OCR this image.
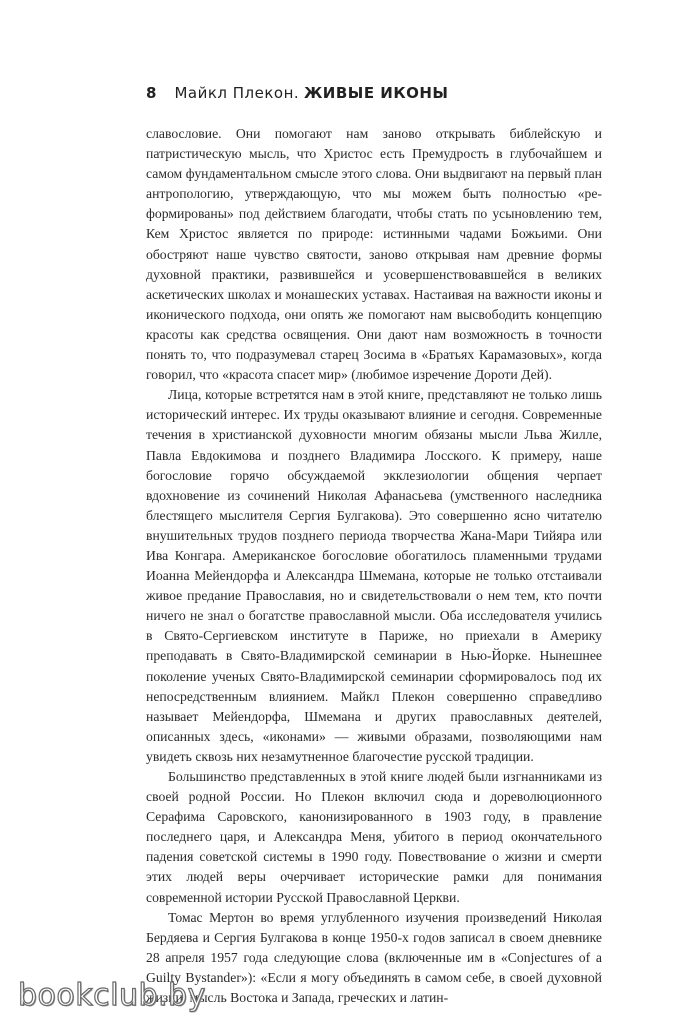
8 Майкл Плекон. ЖИВЫЕ ИКОНЫ

славословие. Они помогают нам заново открывать библейскую и патристическую мысль, что Христос есть Премудрость в глубочайшем и самом фундаментальном смысле этого слова. Они выдвигают на первый план антропологию, утверждающую, что мы можем быть полностью «ре-формированы» под действием благодати, чтобы стать по усыновлению тем, Кем Христос является по природе: истинными чадами Божьими. Они обостряют наше чувство святости, заново открывая нам древние формы духовной практики, развившейся и усовершенствовавшейся в великих аскетических школах и монашеских уставах. Настаивая на важности иконы и иконического подхода, они опять же помогают нам высвободить концепцию красоты как средства освящения. Они дают нам возможность в точности понять то, что подразумевал старец Зосима в «Братьях Карамазовых», когда говорил, что «красота спасет мир» (любимое изречение Дороти Дей).

Лица, которые встретятся нам в этой книге, представляют не только лишь исторический интерес. Их труды оказывают влияние и сегодня. Современные течения в христианской духовности многим обязаны мысли Льва Жилле, Павла Евдокимова и позднего Владимира Лосского. К примеру, наше богословие горячо обсуждаемой экклезиологии общения черпает вдохновение из сочинений Николая Афанасьева (умственного наследника блестящего мыслителя Сергия Булгакова). Это совершенно ясно читателю внушительных трудов позднего периода творчества Жана-Мари Тийяра или Ива Конгара. Американское богословие обогатилось пламенными трудами Иоанна Мейендорфа и Александра Шмемана, которые не только отстаивали живое предание Православия, но и свидетельствовали о нем тем, кто почти ничего не знал о богатстве православной мысли. Оба исследователя учились в Свято-Сергиевском институте в Париже, но приехали в Америку преподавать в Свято-Владимирской семинарии в Нью-Йорке. Нынешнее поколение ученых Свято-Владимирской семинарии сформировалось под их непосредственным влиянием. Майкл Плекон совершенно справедливо называет Мейендорфа, Шмемана и других православных деятелей, описанных здесь, «иконами» — живыми образами, позволяющими нам увидеть сквозь них незамутненное благочестие русской традиции.

Большинство представленных в этой книге людей были изгнанниками из своей родной России. Но Плекон включил сюда и дореволюционного Серафима Саровского, канонизированного в 1903 году, в правление последнего царя, и Александра Меня, убитого в период окончательного падения советской системы в 1990 году. Повествование о жизни и смерти этих людей веры очерчивает исторические рамки для понимания современной истории Русской Православной Церкви.

Томас Мертон во время углубленного изучения произведений Николая Бердяева и Сергия Булгакова в конце 1950-х годов записал в своем дневнике 28 апреля 1957 года следующие слова (включенные им в «Conjectures of a Guilty Bystander»): «Если я могу объединять в самом себе, в своей духовной жизни, мысль Востока и Запада, греческих и латин-

bookclub.by
